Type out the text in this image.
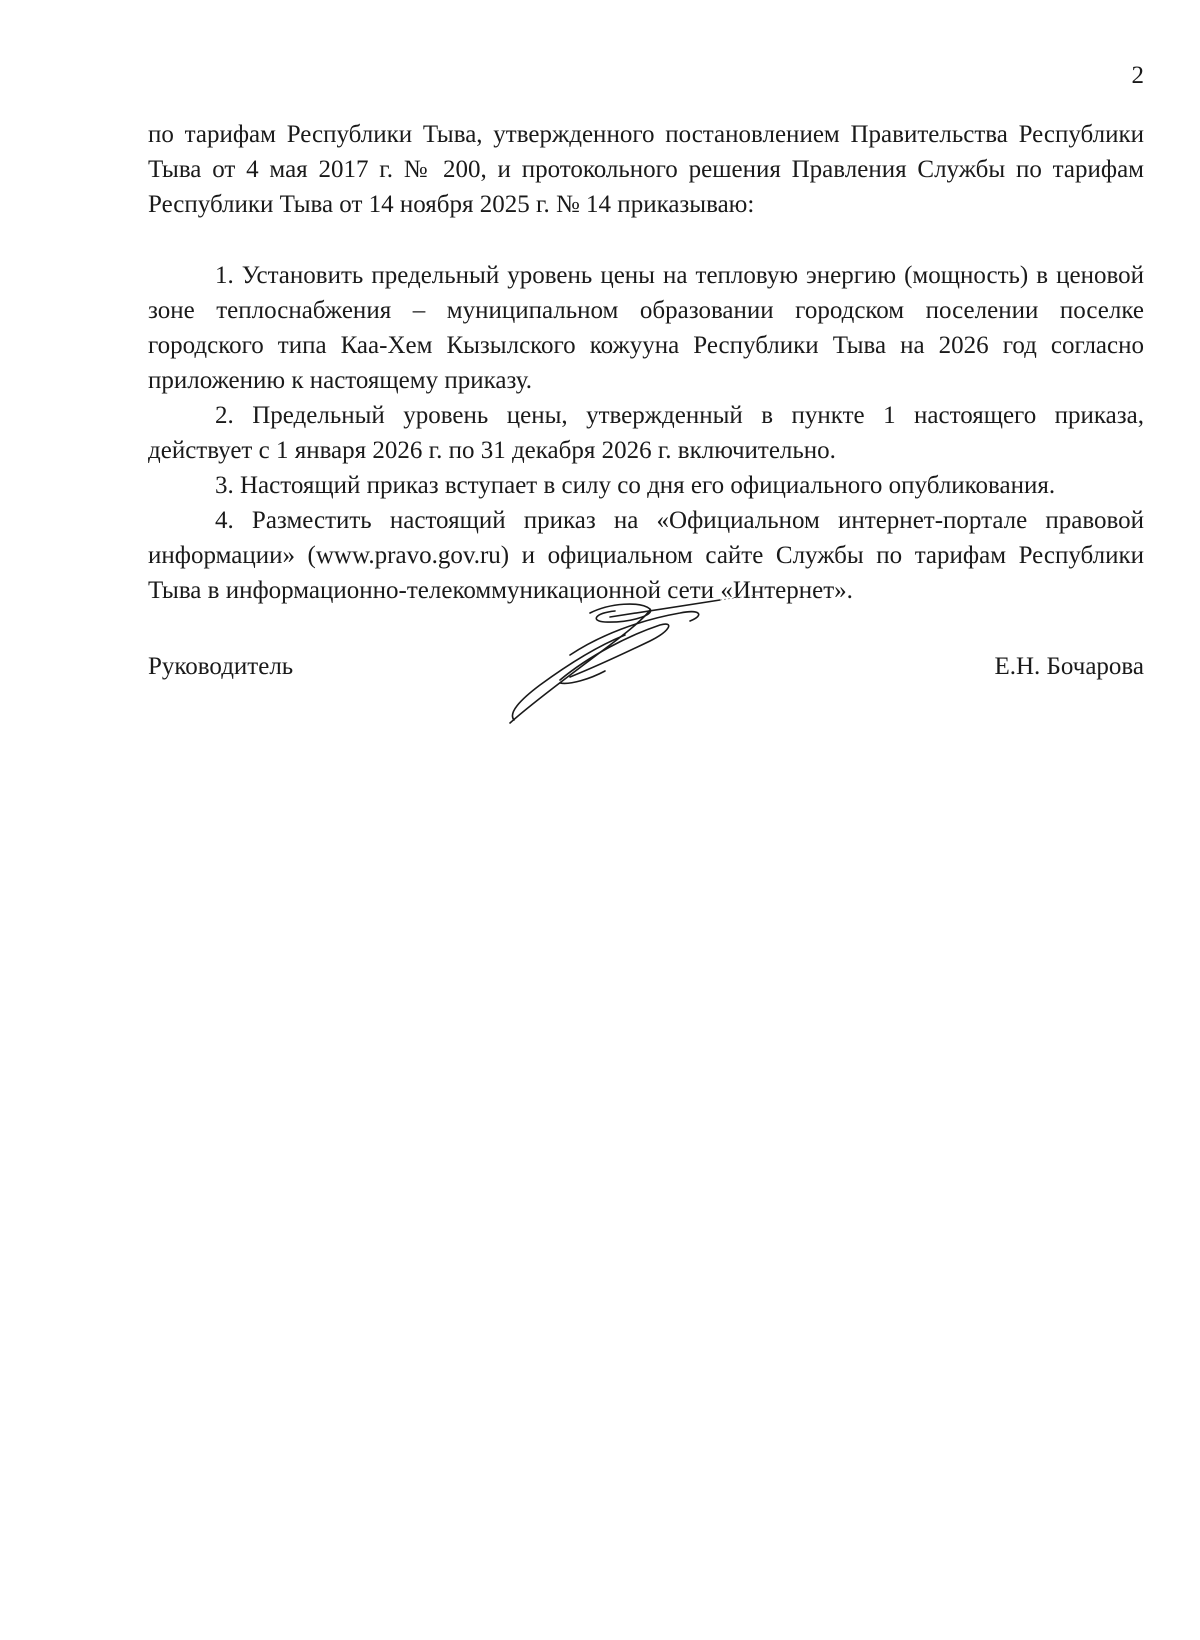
2

по тарифам Республики Тыва, утвержденного постановлением Правительства Республики Тыва от 4 мая 2017 г. № 200, и протокольного решения Правления Службы по тарифам Республики Тыва от 14 ноября 2025 г. № 14 приказываю:

1. Установить предельный уровень цены на тепловую энергию (мощность) в ценовой зоне теплоснабжения – муниципальном образовании городском поселении поселке городского типа Каа-Хем Кызылского кожууна Республики Тыва на 2026 год согласно приложению к настоящему приказу.

2. Предельный уровень цены, утвержденный в пункте 1 настоящего приказа, действует с 1 января 2026 г. по 31 декабря 2026 г. включительно.

3. Настоящий приказ вступает в силу со дня его официального опубликования.

4. Разместить настоящий приказ на «Официальном интернет-портале правовой информации» (www.pravo.gov.ru) и официальном сайте Службы по тарифам Республики Тыва в информационно-телекоммуникационной сети «Интернет».

Руководитель	Е.Н. Бочарова
